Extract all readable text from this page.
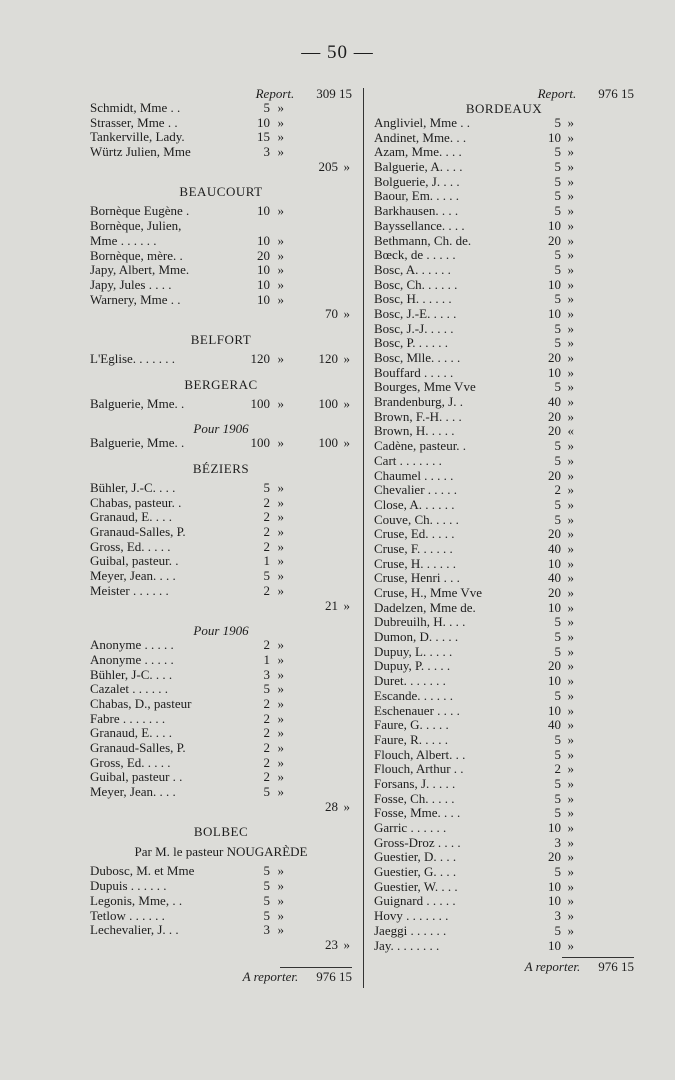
— 50 —
Report. 309 15
Schmidt, Mme . .	5 »
Strasser, Mme . .	10 »
Tankerville, Lady.	15 »
Würtz Julien, Mme	3 »
205 »
BEAUCOURT
Bornèque Eugène .	10 »
Bornèque, Julien,
Mme . . . . . .	10 »
Bornèque, mère. .	20 »
Japy, Albert, Mme.	10 »
Japy, Jules . . . .	10 »
Warnery, Mme . .	10 »
70 »
BELFORT
L'Eglise. . . . . . .	120 »	120 »
BERGERAC
Balguerie, Mme. .	100 »	100 »
Pour 1906
Balguerie, Mme. .	100 »	100 »
BÉZIERS
Bühler, J.-C. . . .	5 »
Chabas, pasteur. .	2 »
Granaud, E. . . .	2 »
Granaud-Salles, P.	2 »
Gross, Ed. . . . .	2 »
Guibal, pasteur. .	1 »
Meyer, Jean. . . .	5 »
Meister . . . . . .	2 »
21 »
Pour 1906
Anonyme . . . . .	2 »
Anonyme . . . . .	1 »
Bühler, J-C. . . .	3 »
Cazalet . . . . . .	5 »
Chabas, D., pasteur	2 »
Fabre . . . . . . .	2 »
Granaud, E. . . .	2 »
Granaud-Salles, P.	2 »
Gross, Ed. . . . .	2 »
Guibal, pasteur . .	2 »
Meyer, Jean. . . .	5 »
28 »
BOLBEC
Par M. le pasteur NOUGARÈDE
Dubosc, M. et Mme	5 »
Dupuis . . . . . .	5 »
Legonis, Mme, . .	5 »
Tetlow . . . . . .	5 »
Lechevalier, J. . .	3 »
23 »
A reporter. 976 15
Report. 976 15
BORDEAUX
Angliviel, Mme . .	5 »
Andinet, Mme. . .	10 »
Azam, Mme. . . .	5 »
Balguerie, A. . . .	5 »
Bolguerie, J. . . .	5 »
Baour, Em. . . . .	5 »
Barkhausen. . . .	5 »
Bayssellance. . . .	10 »
Bethmann, Ch. de.	20 »
Bœck, de . . . . .	5 »
Bosc, A. . . . . .	5 »
Bosc, Ch. . . . . .	10 »
Bosc, H. . . . . .	5 »
Bosc, J.-E. . . . .	10 »
Bosc, J.-J. . . . .	5 »
Bosc, P. . . . . .	5 »
Bosc, Mlle. . . . .	20 »
Bouffard . . . . .	10 »
Bourges, Mme Vve	5 »
Brandenburg, J. .	40 »
Brown, F.-H. . . .	20 »
Brown, H. . . . .	20 «
Cadène, pasteur. .	5 »
Cart . . . . . . .	5 »
Chaumel . . . . .	20 »
Chevalier . . . . .	2 »
Close, A. . . . . .	5 »
Couve, Ch. . . . .	5 »
Cruse, Ed. . . . .	20 »
Cruse, F. . . . . .	40 »
Cruse, H. . . . . .	10 »
Cruse, Henri . . .	40 »
Cruse, H., Mme Vve	20 »
Dadelzen, Mme de.	10 »
Dubreuilh, H. . . .	5 »
Dumon, D. . . . .	5 »
Dupuy, L. . . . .	5 »
Dupuy, P. . . . .	20 »
Duret. . . . . . .	10 »
Escande. . . . . .	5 »
Eschenauer . . . .	10 »
Faure, G. . . . .	40 »
Faure, R. . . . .	5 »
Flouch, Albert. . .	5 »
Flouch, Arthur . .	2 »
Forsans, J. . . . .	5 »
Fosse, Ch. . . . .	5 »
Fosse, Mme. . . .	5 »
Garric . . . . . .	10 »
Gross-Droz . . . .	3 »
Guestier, D. . . .	20 »
Guestier, G. . . .	5 »
Guestier, W. . . .	10 »
Guignard . . . . .	10 »
Hovy . . . . . . .	3 »
Jaeggi . . . . . .	5 »
Jay. . . . . . . .	10 »
A reporter. 976 15
